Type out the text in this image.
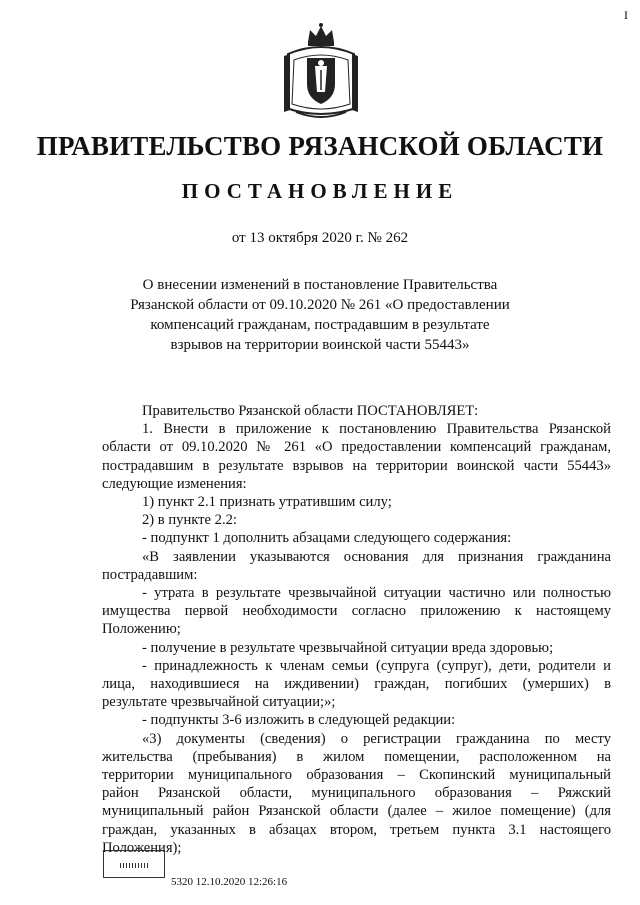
I
ПРАВИТЕЛЬСТВО РЯЗАНСКОЙ ОБЛАСТИ
ПОСТАНОВЛЕНИЕ
от 13 октября 2020 г. № 262
О внесении изменений в постановление Правительства
Рязанской области от 09.10.2020 № 261 «О предоставлении
компенсаций гражданам, пострадавшим в результате
взрывов на территории воинской части 55443»
Правительство Рязанской области ПОСТАНОВЛЯЕТ:
1. Внести в приложение к постановлению Правительства Рязанской
области от 09.10.2020 № 261 «О предоставлении компенсаций гражданам,
пострадавшим в результате взрывов на территории воинской части 55443»
следующие изменения:
1) пункт 2.1 признать утратившим силу;
2) в пункте 2.2:
- подпункт 1 дополнить абзацами следующего содержания:
«В заявлении указываются основания для признания гражданина
пострадавшим:
- утрата в результате чрезвычайной ситуации частично или полностью
имущества первой необходимости согласно приложению к настоящему
Положению;
- получение в результате чрезвычайной ситуации вреда здоровью;
- принадлежность к членам семьи (супруга (супруг), дети, родители и
лица, находившиеся на иждивении) граждан, погибших (умерших) в
результате чрезвычайной ситуации;»;
- подпункты 3-6 изложить в следующей редакции:
«3) документы (сведения) о регистрации гражданина по месту
жительства (пребывания) в жилом помещении, расположенном на
территории муниципального образования – Скопинский муниципальный
район Рязанской области, муниципального образования – Ряжский
муниципальный район Рязанской области (далее – жилое помещение) (для
граждан, указанных в абзацах втором, третьем пункта 3.1 настоящего
Положения);
5320 12.10.2020 12:26:16
